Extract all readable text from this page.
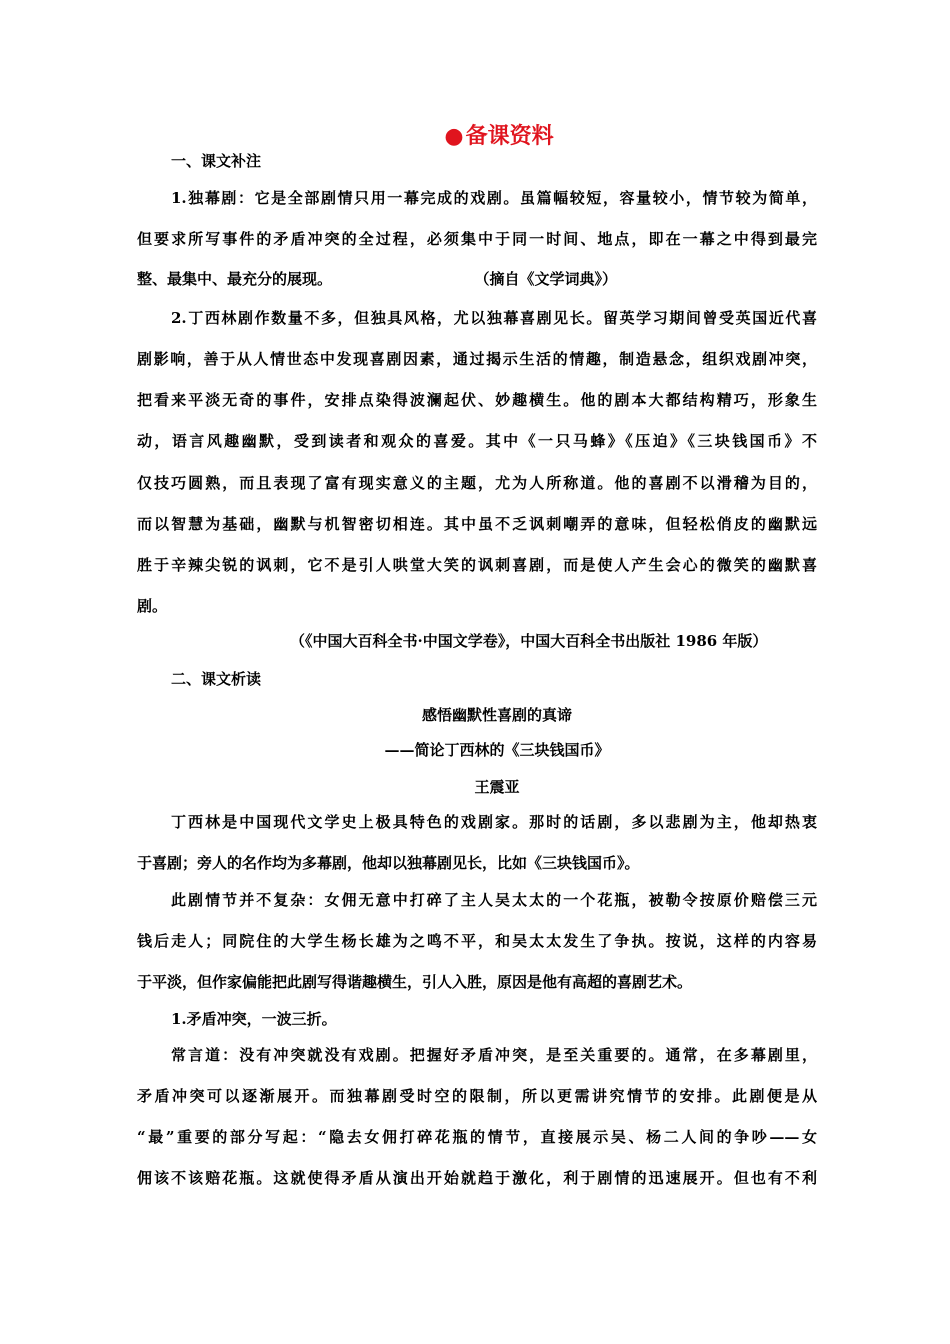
●备课资料
一、课文补注
1.独幕剧：它是全部剧情只用一幕完成的戏剧。虽篇幅较短，容量较小，情节较为简单，
但要求所写事件的矛盾冲突的全过程，必须集中于同一时间、地点，即在一幕之中得到最完
整、最集中、最充分的展现。	（摘自《文学词典》）
2.丁西林剧作数量不多，但独具风格，尤以独幕喜剧见长。留英学习期间曾受英国近代喜
剧影响，善于从人情世态中发现喜剧因素，通过揭示生活的情趣，制造悬念，组织戏剧冲突，
把看来平淡无奇的事件，安排点染得波澜起伏、妙趣横生。他的剧本大都结构精巧，形象生
动，语言风趣幽默，受到读者和观众的喜爱。其中《一只马蜂》《压迫》《三块钱国币》不
仅技巧圆熟，而且表现了富有现实意义的主题，尤为人所称道。他的喜剧不以滑稽为目的，
而以智慧为基础，幽默与机智密切相连。其中虽不乏讽刺嘲弄的意味，但轻松俏皮的幽默远
胜于辛辣尖锐的讽刺，它不是引人哄堂大笑的讽刺喜剧，而是使人产生会心的微笑的幽默喜
剧。
（《中国大百科全书·中国文学卷》，中国大百科全书出版社 1986 年版）
二、课文析读
感悟幽默性喜剧的真谛
——简论丁西林的《三块钱国币》
王震亚
丁西林是中国现代文学史上极具特色的戏剧家。那时的话剧，多以悲剧为主，他却热衷
于喜剧；旁人的名作均为多幕剧，他却以独幕剧见长，比如《三块钱国币》。
此剧情节并不复杂：女佣无意中打碎了主人吴太太的一个花瓶，被勒令按原价赔偿三元
钱后走人；同院住的大学生杨长雄为之鸣不平，和吴太太发生了争执。按说，这样的内容易
于平淡，但作家偏能把此剧写得谐趣横生，引人入胜，原因是他有高超的喜剧艺术。
1.矛盾冲突，一波三折。
常言道：没有冲突就没有戏剧。把握好矛盾冲突，是至关重要的。通常，在多幕剧里，
矛盾冲突可以逐渐展开。而独幕剧受时空的限制，所以更需讲究情节的安排。此剧便是从
“最”重要的部分写起：“隐去女佣打碎花瓶的情节，直接展示吴、杨二人间的争吵——女
佣该不该赔花瓶。这就使得矛盾从演出开始就趋于激化，利于剧情的迅速展开。但也有不利
